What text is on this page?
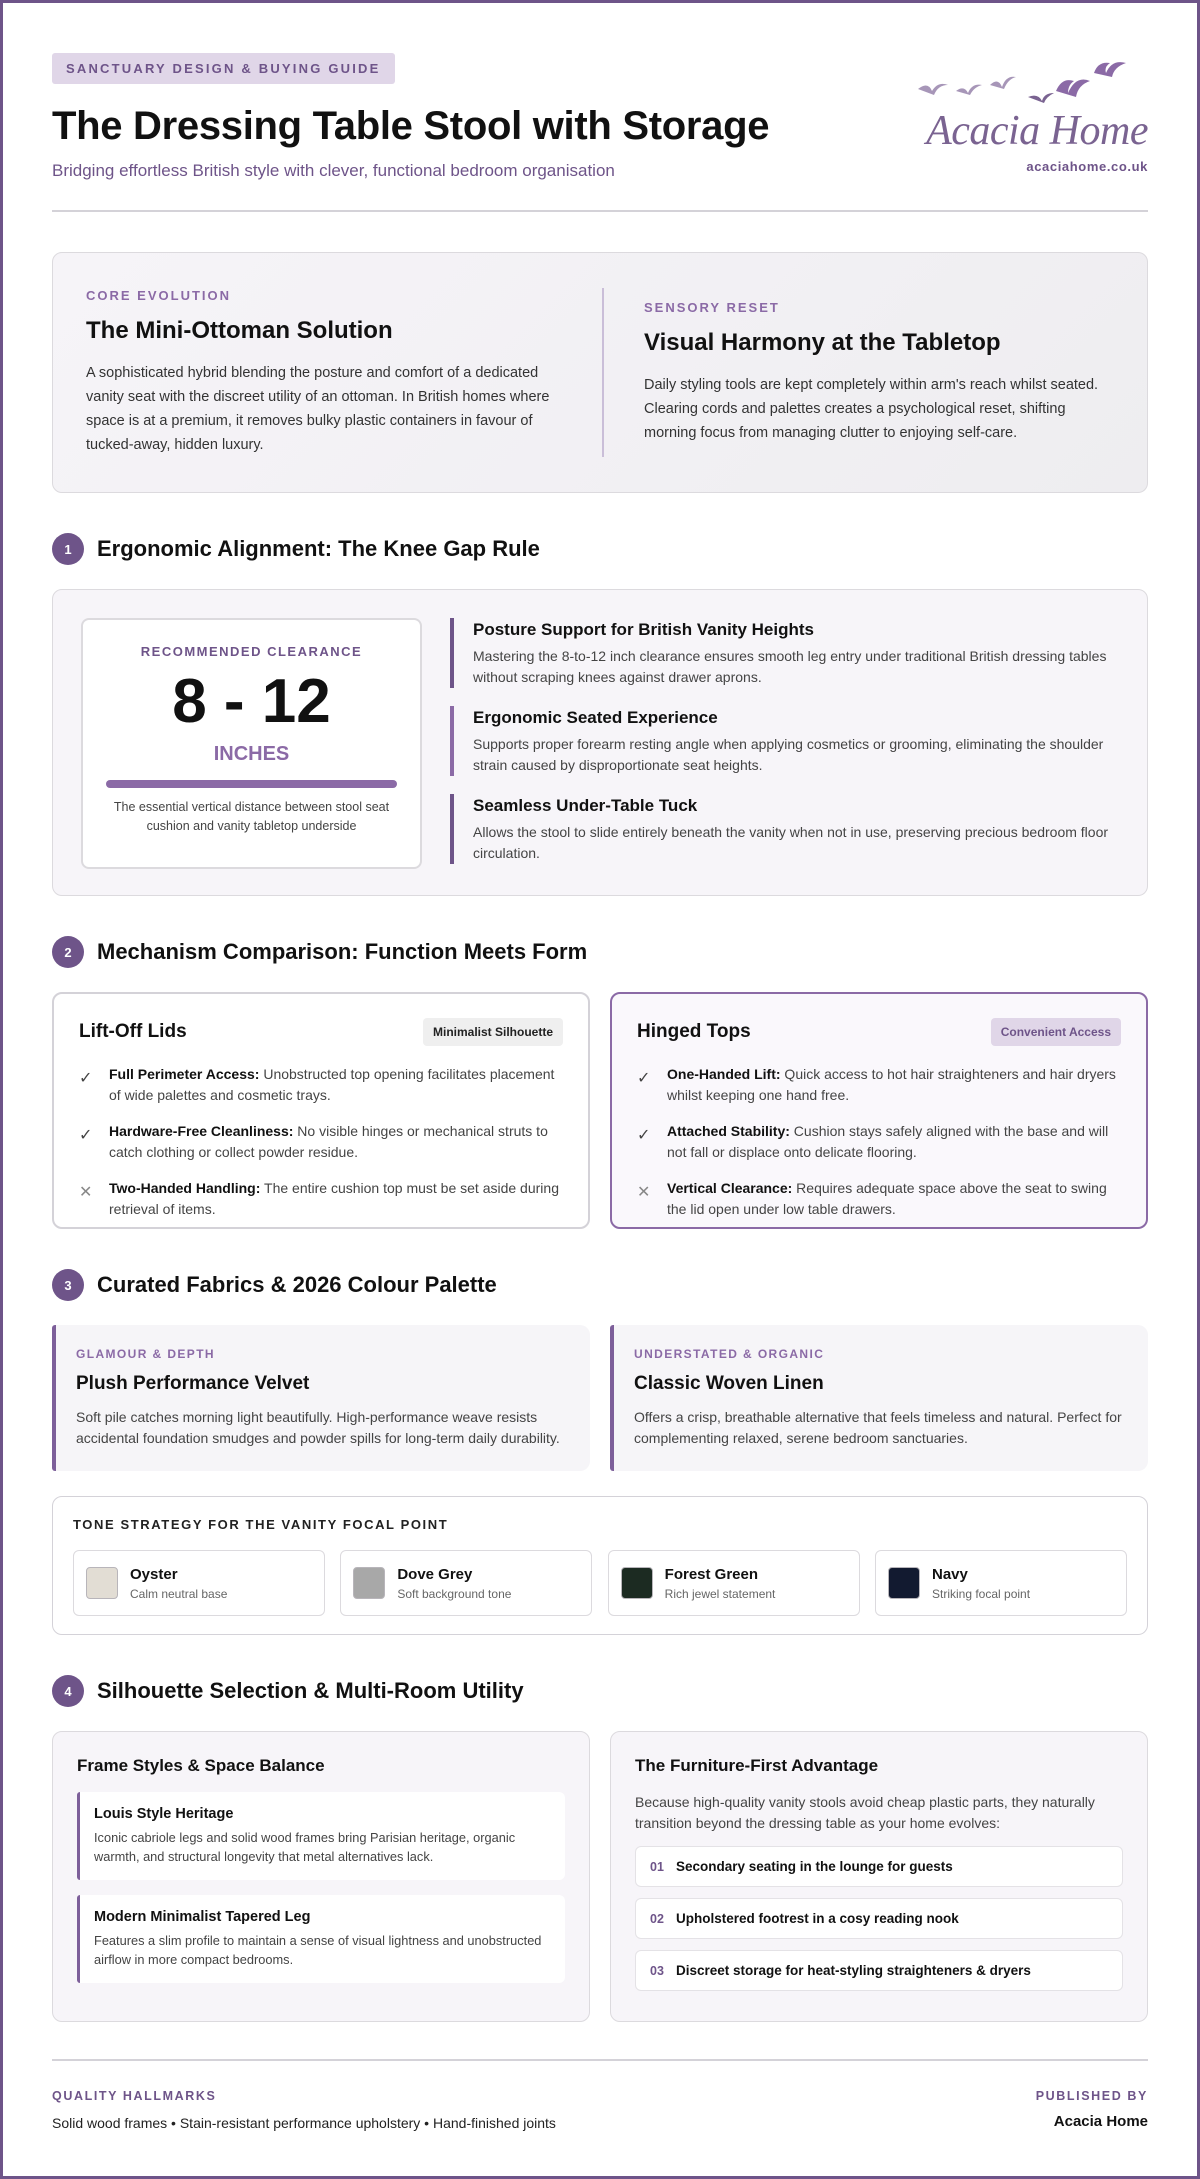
SANCTUARY DESIGN & BUYING GUIDE
The Dressing Table Stool with Storage
Bridging effortless British style with clever, functional bedroom organisation
Acacia Home
acaciahome.co.uk
CORE EVOLUTION
The Mini-Ottoman Solution

A sophisticated hybrid blending the posture and comfort of a dedicated vanity seat with the discreet utility of an ottoman. In British homes where space is at a premium, it removes bulky plastic containers in favour of tucked-away, hidden luxury.

SENSORY RESET
Visual Harmony at the Tabletop

Daily styling tools are kept completely within arm's reach whilst seated. Clearing cords and palettes creates a psychological reset, shifting morning focus from managing clutter to enjoying self-care.

1	Ergonomic Alignment: The Knee Gap Rule
RECOMMENDED CLEARANCE
8 - 12
INCHES
The essential vertical distance between stool seat cushion and vanity tabletop underside
Posture Support for British Vanity Heights

Mastering the 8-to-12 inch clearance ensures smooth leg entry under traditional British dressing tables without scraping knees against drawer aprons.

Ergonomic Seated Experience

Supports proper forearm resting angle when applying cosmetics or grooming, eliminating the shoulder strain caused by disproportionate seat heights.

Seamless Under-Table Tuck

Allows the stool to slide entirely beneath the vanity when not in use, preserving precious bedroom floor circulation.

2	Mechanism Comparison: Function Meets Form
Lift-Off Lids	Minimalist Silhouette
✓	Full Perimeter Access: Unobstructed top opening facilitates placement of wide palettes and cosmetic trays.
✓	Hardware-Free Cleanliness: No visible hinges or mechanical struts to catch clothing or collect powder residue.
✕	Two-Handed Handling: The entire cushion top must be set aside during retrieval of items.
Hinged Tops	Convenient Access
✓	One-Handed Lift: Quick access to hot hair straighteners and hair dryers whilst keeping one hand free.
✓	Attached Stability: Cushion stays safely aligned with the base and will not fall or displace onto delicate flooring.
✕	Vertical Clearance: Requires adequate space above the seat to swing the lid open under low table drawers.
3	Curated Fabrics & 2026 Colour Palette
GLAMOUR & DEPTH
Plush Performance Velvet

Soft pile catches morning light beautifully. High-performance weave resists accidental foundation smudges and powder spills for long-term daily durability.

UNDERSTATED & ORGANIC
Classic Woven Linen

Offers a crisp, breathable alternative that feels timeless and natural. Perfect for complementing relaxed, serene bedroom sanctuaries.

TONE STRATEGY FOR THE VANITY FOCAL POINT
Oyster
Calm neutral base
Dove Grey
Soft background tone
Forest Green
Rich jewel statement
Navy
Striking focal point
4	Silhouette Selection & Multi-Room Utility
Frame Styles & Space Balance
Louis Style Heritage

Iconic cabriole legs and solid wood frames bring Parisian heritage, organic warmth, and structural longevity that metal alternatives lack.

Modern Minimalist Tapered Leg

Features a slim profile to maintain a sense of visual lightness and unobstructed airflow in more compact bedrooms.

The Furniture-First Advantage

Because high-quality vanity stools avoid cheap plastic parts, they naturally transition beyond the dressing table as your home evolves:

01 Secondary seating in the lounge for guests
02 Upholstered footrest in a cosy reading nook
03 Discreet storage for heat-styling straighteners & dryers
QUALITY HALLMARKS
Solid wood frames • Stain-resistant performance upholstery • Hand-finished joints
PUBLISHED BY
Acacia Home
